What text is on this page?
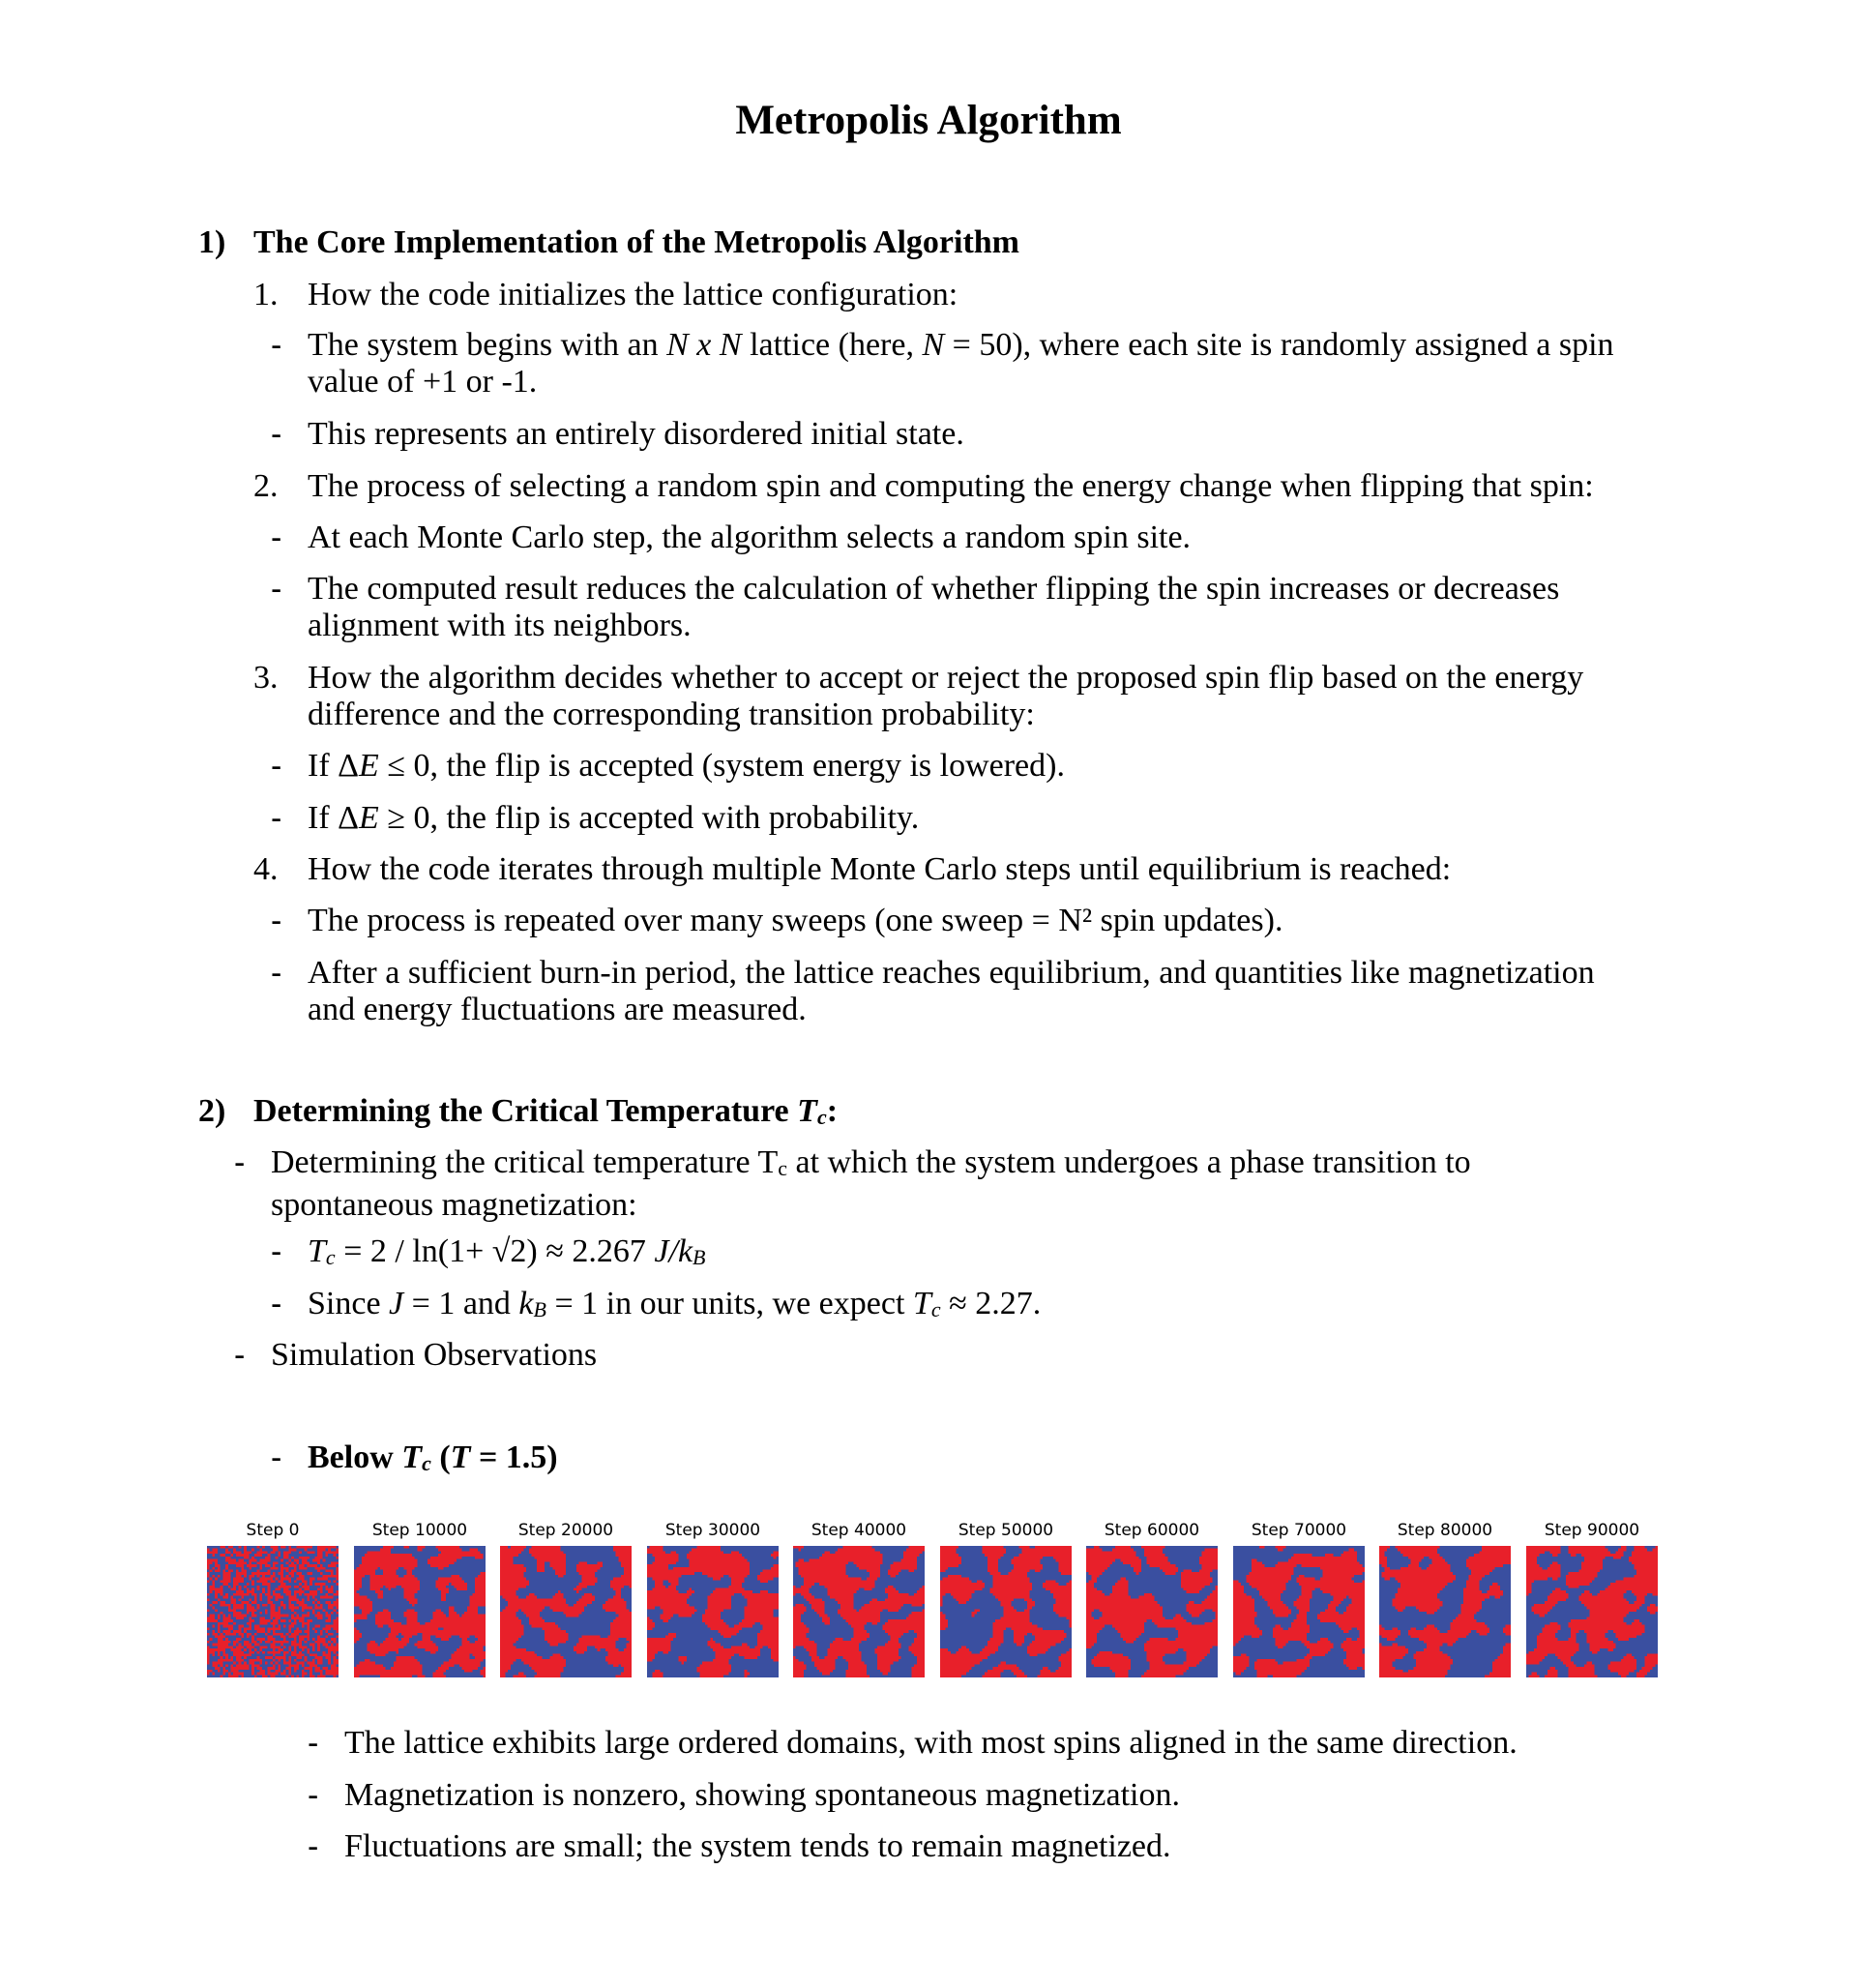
Metropolis Algorithm
1) The Core Implementation of the Metropolis Algorithm
1. How the code initializes the lattice configuration:
- The system begins with an N x N lattice (here, N = 50), where each site is randomly assigned a spin value of +1 or -1.
- This represents an entirely disordered initial state.
2. The process of selecting a random spin and computing the energy change when flipping that spin:
- At each Monte Carlo step, the algorithm selects a random spin site.
- The computed result reduces the calculation of whether flipping the spin increases or decreases alignment with its neighbors.
3. How the algorithm decides whether to accept or reject the proposed spin flip based on the energy difference and the corresponding transition probability:
- If ΔE ≤ 0, the flip is accepted (system energy is lowered).
- If ΔE ≥ 0, the flip is accepted with probability.
4. How the code iterates through multiple Monte Carlo steps until equilibrium is reached:
- The process is repeated over many sweeps (one sweep = N² spin updates).
- After a sufficient burn-in period, the lattice reaches equilibrium, and quantities like magnetization and energy fluctuations are measured.
2) Determining the Critical Temperature $T_c$:
- Determining the critical temperature $T_c$ at which the system undergoes a phase transition to spontaneous magnetization:
- $T_c = 2 / \ln(1+ √2) \approx 2.267$ $J/k_B$
- Since J = 1 and $k_B = 1$ in our units, we expect $T_c \approx 2.27$.
- Simulation Observations
- Below $T_c$ (T = 1.5)
Step 0	Step 10000	Step 20000	Step 30000	Step 40000	Step 50000	Step 60000	Step 70000	Step 80000	Step 90000
- The lattice exhibits large ordered domains, with most spins aligned in the same direction.
- Magnetization is nonzero, showing spontaneous magnetization.
- Fluctuations are small; the system tends to remain magnetized.
